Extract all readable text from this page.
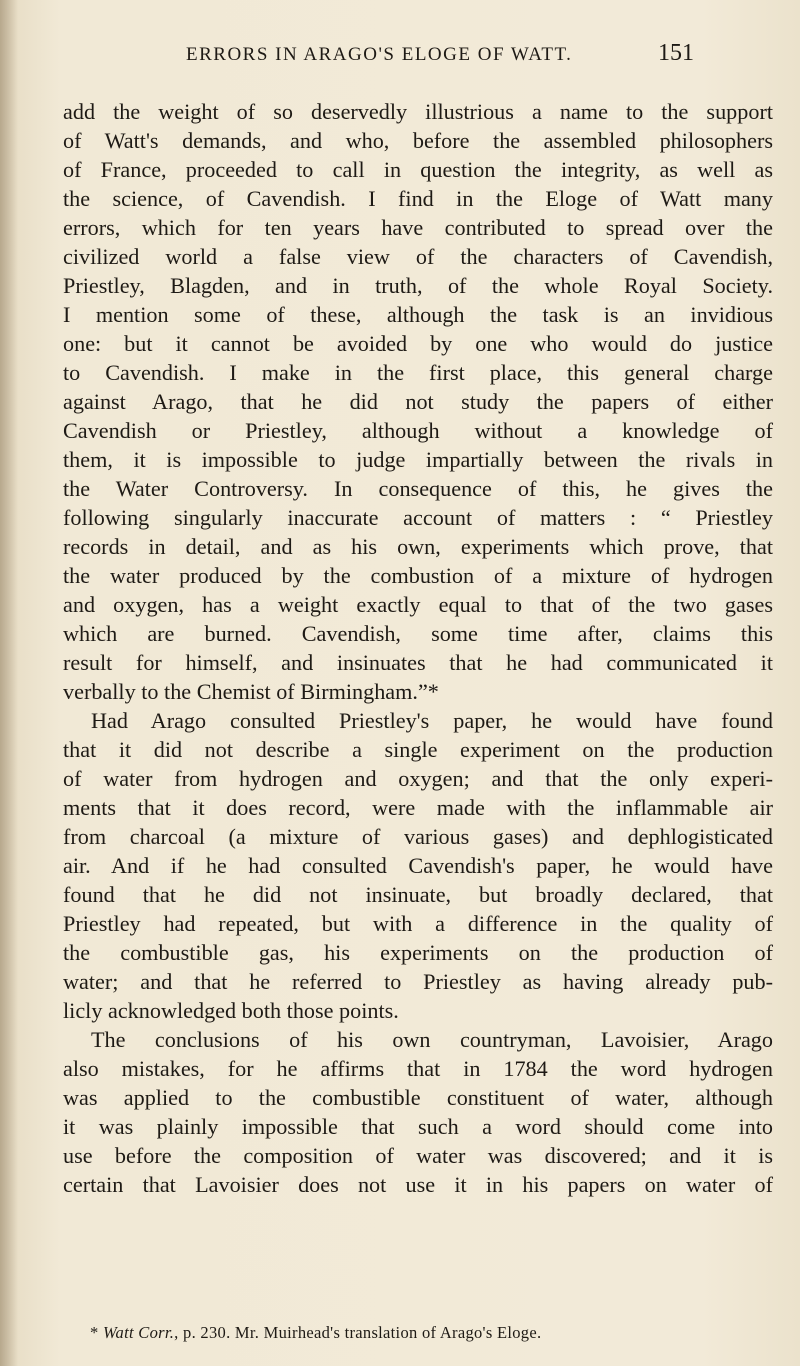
ERRORS IN ARAGO'S ELOGE OF WATT.	151
add the weight of so deservedly illustrious a name to the support
of Watt's demands, and who, before the assembled philosophers
of France, proceeded to call in question the integrity, as well as
the science, of Cavendish. I find in the Eloge of Watt many
errors, which for ten years have contributed to spread over the
civilized world a false view of the characters of Cavendish,
Priestley, Blagden, and in truth, of the whole Royal Society.
I mention some of these, although the task is an invidious
one: but it cannot be avoided by one who would do justice
to Cavendish. I make in the first place, this general charge
against Arago, that he did not study the papers of either
Cavendish or Priestley, although without a knowledge of
them, it is impossible to judge impartially between the rivals in
the Water Controversy. In consequence of this, he gives the
following singularly inaccurate account of matters : “ Priestley
records in detail, and as his own, experiments which prove, that
the water produced by the combustion of a mixture of hydrogen
and oxygen, has a weight exactly equal to that of the two gases
which are burned. Cavendish, some time after, claims this
result for himself, and insinuates that he had communicated it
verbally to the Chemist of Birmingham.”*
Had Arago consulted Priestley's paper, he would have found
that it did not describe a single experiment on the production
of water from hydrogen and oxygen; and that the only experi-
ments that it does record, were made with the inflammable air
from charcoal (a mixture of various gases) and dephlogisticated
air. And if he had consulted Cavendish's paper, he would have
found that he did not insinuate, but broadly declared, that
Priestley had repeated, but with a difference in the quality of
the combustible gas, his experiments on the production of
water; and that he referred to Priestley as having already pub-
licly acknowledged both those points.
The conclusions of his own countryman, Lavoisier, Arago
also mistakes, for he affirms that in 1784 the word hydrogen
was applied to the combustible constituent of water, although
it was plainly impossible that such a word should come into
use before the composition of water was discovered; and it is
certain that Lavoisier does not use it in his papers on water of
* Watt Corr., p. 230. Mr. Muirhead's translation of Arago's Eloge.
